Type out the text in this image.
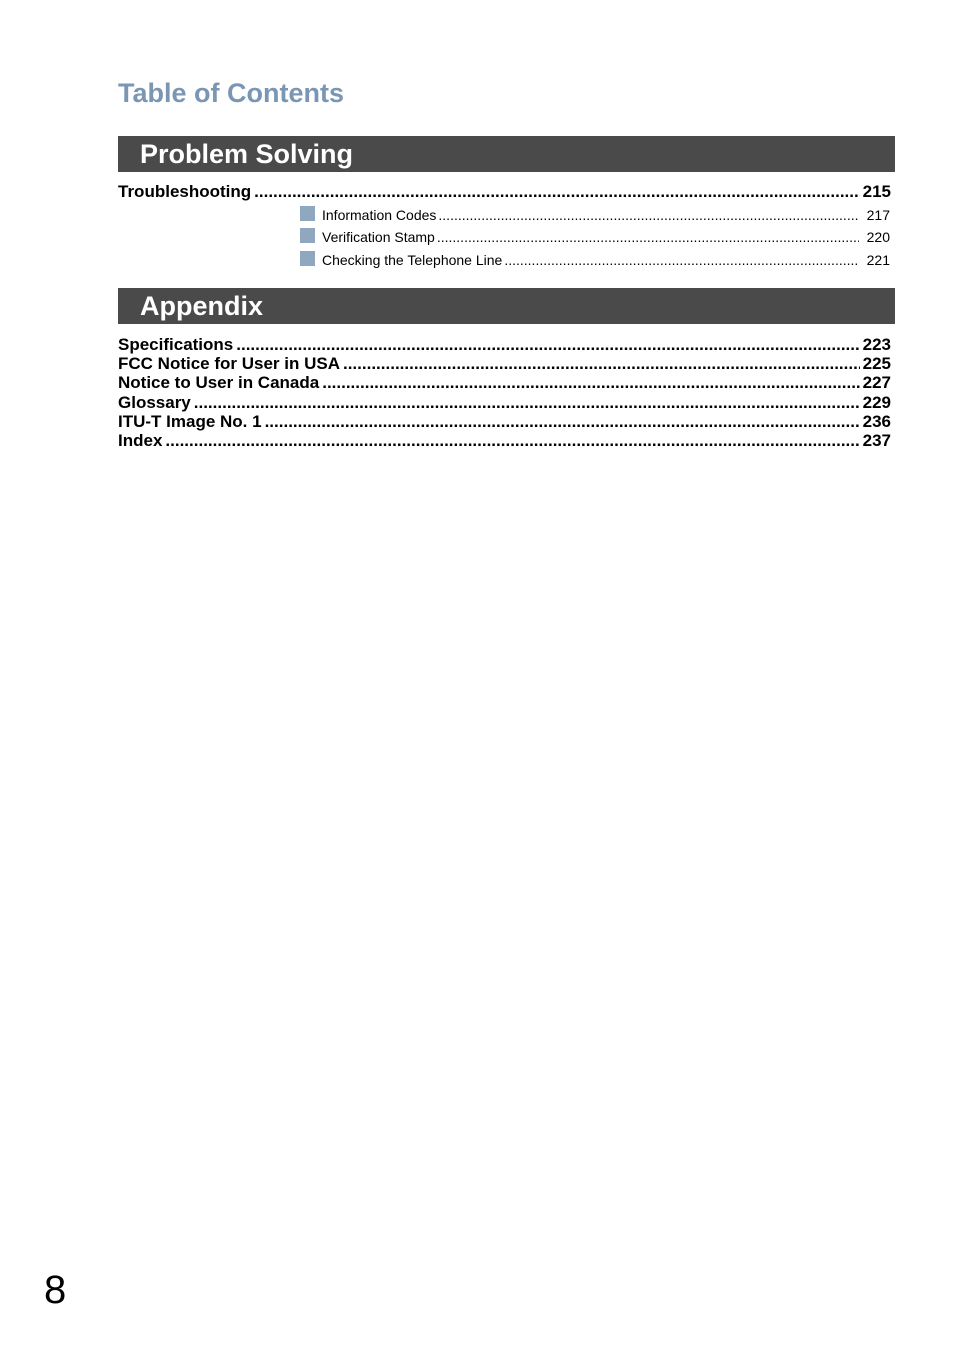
Table of Contents
Problem Solving
Troubleshooting .....	215
Information Codes .....	217
Verification Stamp .....	220
Checking the Telephone Line .....	221
Appendix
Specifications .....	223
FCC Notice for User in USA .....	225
Notice to User in Canada .....	227
Glossary .....	229
ITU-T Image No. 1 .....	236
Index .....	237
8
